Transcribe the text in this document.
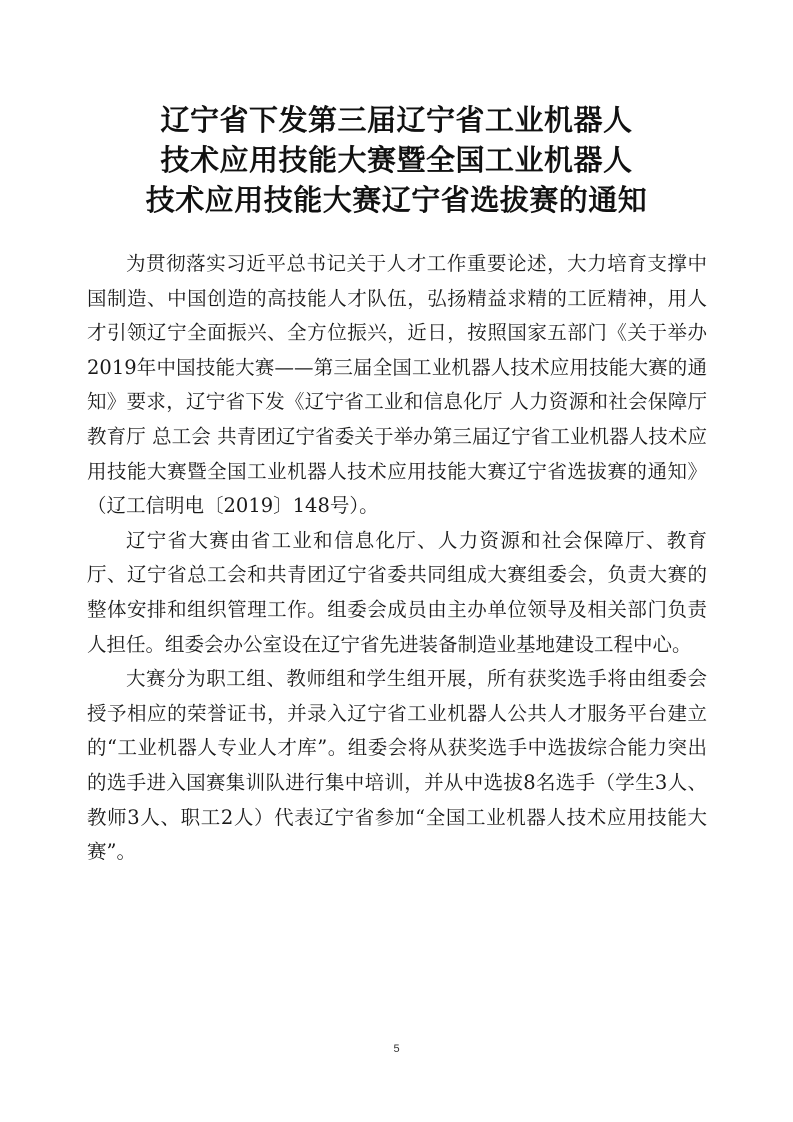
辽宁省下发第三届辽宁省工业机器人
技术应用技能大赛暨全国工业机器人
技术应用技能大赛辽宁省选拔赛的通知

为贯彻落实习近平总书记关于人才工作重要论述，大力培育支撑中国制造、中国创造的高技能人才队伍，弘扬精益求精的工匠精神，用人才引领辽宁全面振兴、全方位振兴，近日，按照国家五部门《关于举办2019年中国技能大赛——第三届全国工业机器人技术应用技能大赛的通知》要求，辽宁省下发《辽宁省工业和信息化厅 人力资源和社会保障厅 教育厅 总工会 共青团辽宁省委关于举办第三届辽宁省工业机器人技术应用技能大赛暨全国工业机器人技术应用技能大赛辽宁省选拔赛的通知》（辽工信明电〔2019〕148号）。

辽宁省大赛由省工业和信息化厅、人力资源和社会保障厅、教育厅、辽宁省总工会和共青团辽宁省委共同组成大赛组委会，负责大赛的整体安排和组织管理工作。组委会成员由主办单位领导及相关部门负责人担任。组委会办公室设在辽宁省先进装备制造业基地建设工程中心。

大赛分为职工组、教师组和学生组开展，所有获奖选手将由组委会授予相应的荣誉证书，并录入辽宁省工业机器人公共人才服务平台建立的“工业机器人专业人才库”。组委会将从获奖选手中选拔综合能力突出的选手进入国赛集训队进行集中培训，并从中选拔8名选手（学生3人、教师3人、职工2人）代表辽宁省参加“全国工业机器人技术应用技能大赛”。

5
